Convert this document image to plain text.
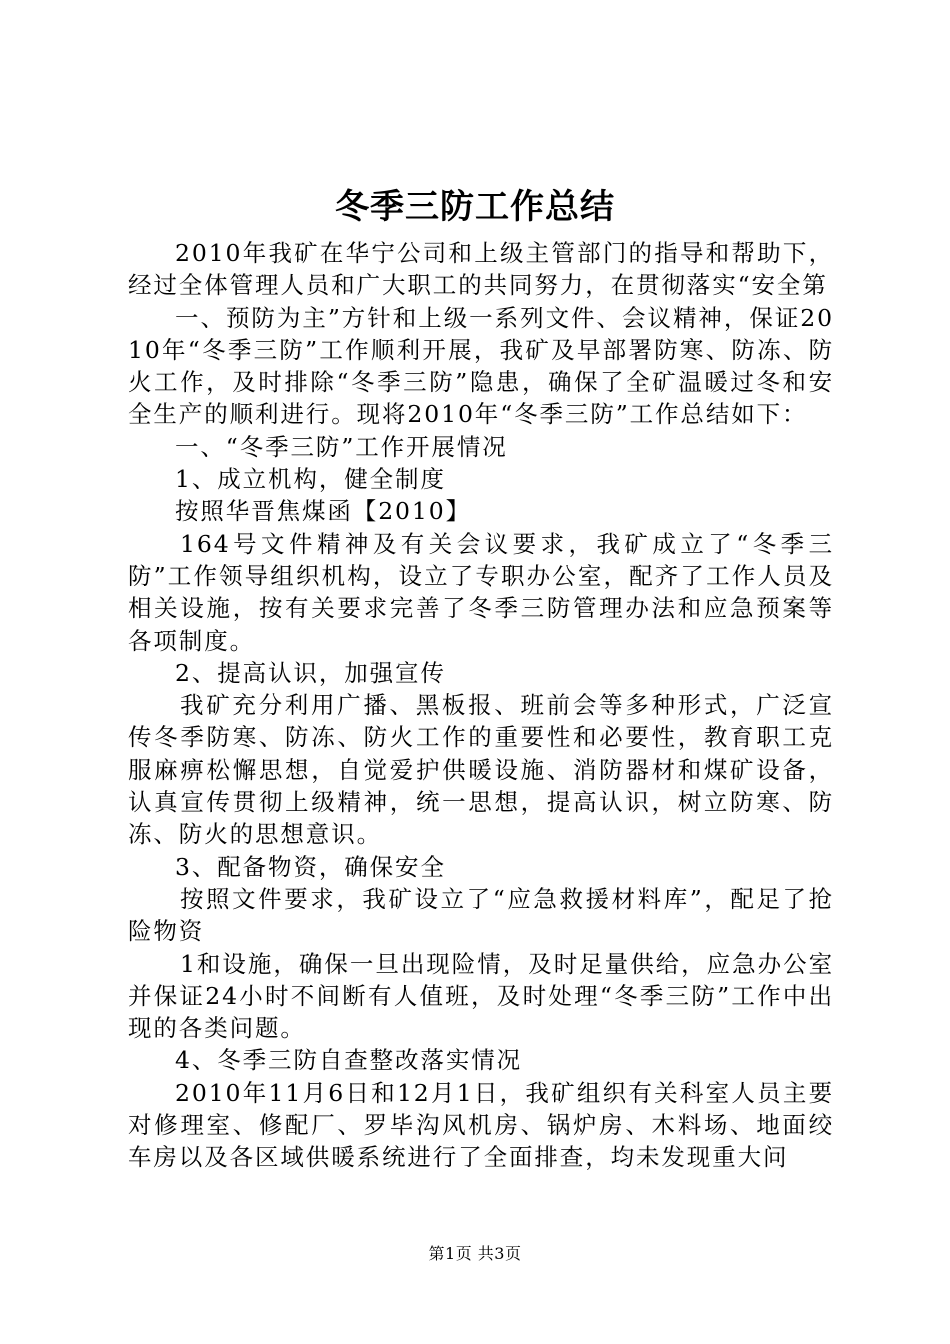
冬季三防工作总结

2010年我矿在华宁公司和上级主管部门的指导和帮助下，经过全体管理人员和广大职工的共同努力，在贯彻落实“安全第

一、预防为主”方针和上级一系列文件、会议精神，保证2010年“冬季三防”工作顺利开展，我矿及早部署防寒、防冻、防火工作，及时排除“冬季三防”隐患，确保了全矿温暖过冬和安全生产的顺利进行。现将2010年“冬季三防”工作总结如下：

一、“冬季三防”工作开展情况

1、成立机构，健全制度

按照华晋焦煤函【2010】

164号文件精神及有关会议要求，我矿成立了“冬季三防”工作领导组织机构，设立了专职办公室，配齐了工作人员及相关设施，按有关要求完善了冬季三防管理办法和应急预案等各项制度。

2、提高认识，加强宣传

我矿充分利用广播、黑板报、班前会等多种形式，广泛宣传冬季防寒、防冻、防火工作的重要性和必要性，教育职工克服麻痹松懈思想，自觉爱护供暖设施、消防器材和煤矿设备，认真宣传贯彻上级精神，统一思想，提高认识，树立防寒、防冻、防火的思想意识。

3、配备物资，确保安全

按照文件要求，我矿设立了“应急救援材料库”，配足了抢险物资

1和设施，确保一旦出现险情，及时足量供给，应急办公室并保证24小时不间断有人值班，及时处理“冬季三防”工作中出现的各类问题。

4、冬季三防自查整改落实情况

2010年11月6日和12月1日，我矿组织有关科室人员主要对修理室、修配厂、罗毕沟风机房、锅炉房、木料场、地面绞车房以及各区域供暖系统进行了全面排查，均未发现重大问

第1页 共3页
